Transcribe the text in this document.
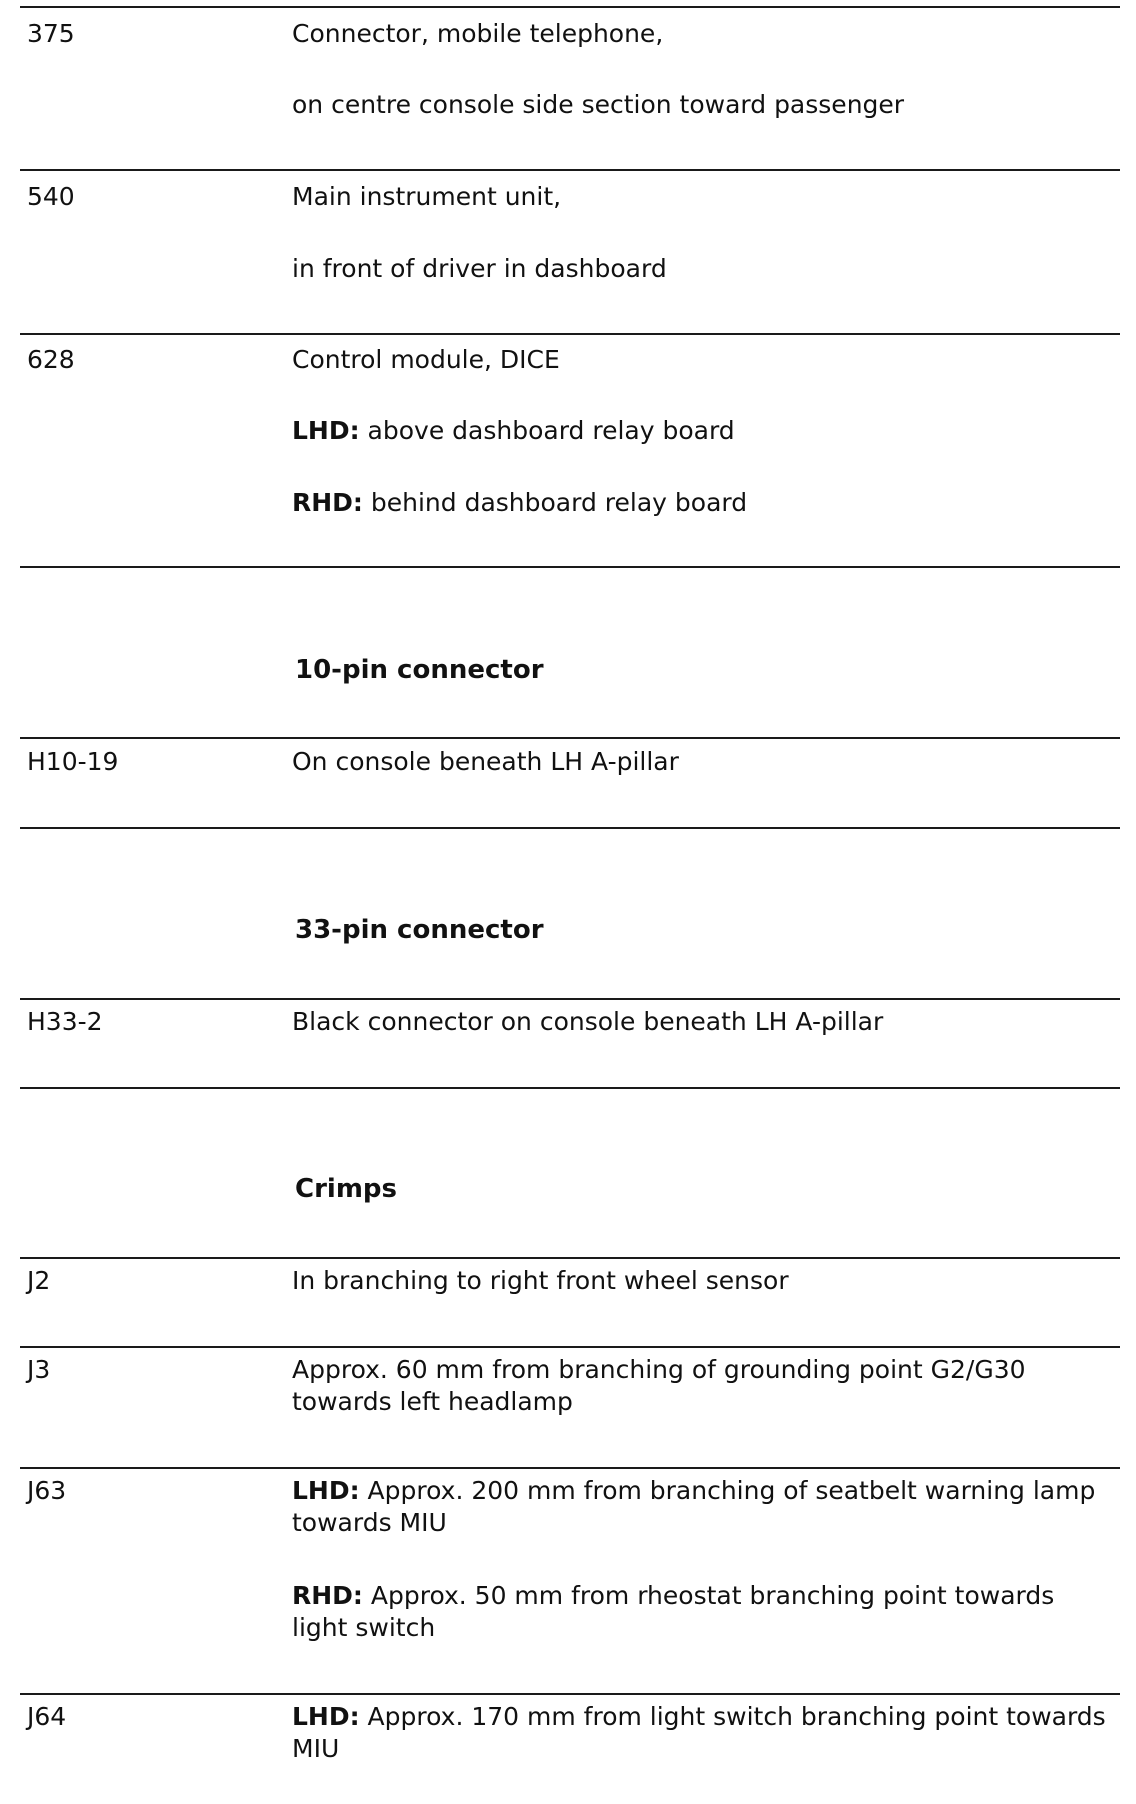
375	Connector, mobile telephone,
on centre console side section toward passenger
540	Main instrument unit,
in front of driver in dashboard
628	Control module, DICE
LHD: above dashboard relay board
RHD: behind dashboard relay board
10-pin connector
H10-19	On console beneath LH A-pillar
33-pin connector
H33-2	Black connector on console beneath LH A-pillar
Crimps
J2	In branching to right front wheel sensor
J3	Approx. 60 mm from branching of grounding point G2/G30 towards left headlamp
J63	LHD: Approx. 200 mm from branching of seatbelt warning lamp towards MIU
RHD: Approx. 50 mm from rheostat branching point towards light switch
J64	LHD: Approx. 170 mm from light switch branching point towards MIU
